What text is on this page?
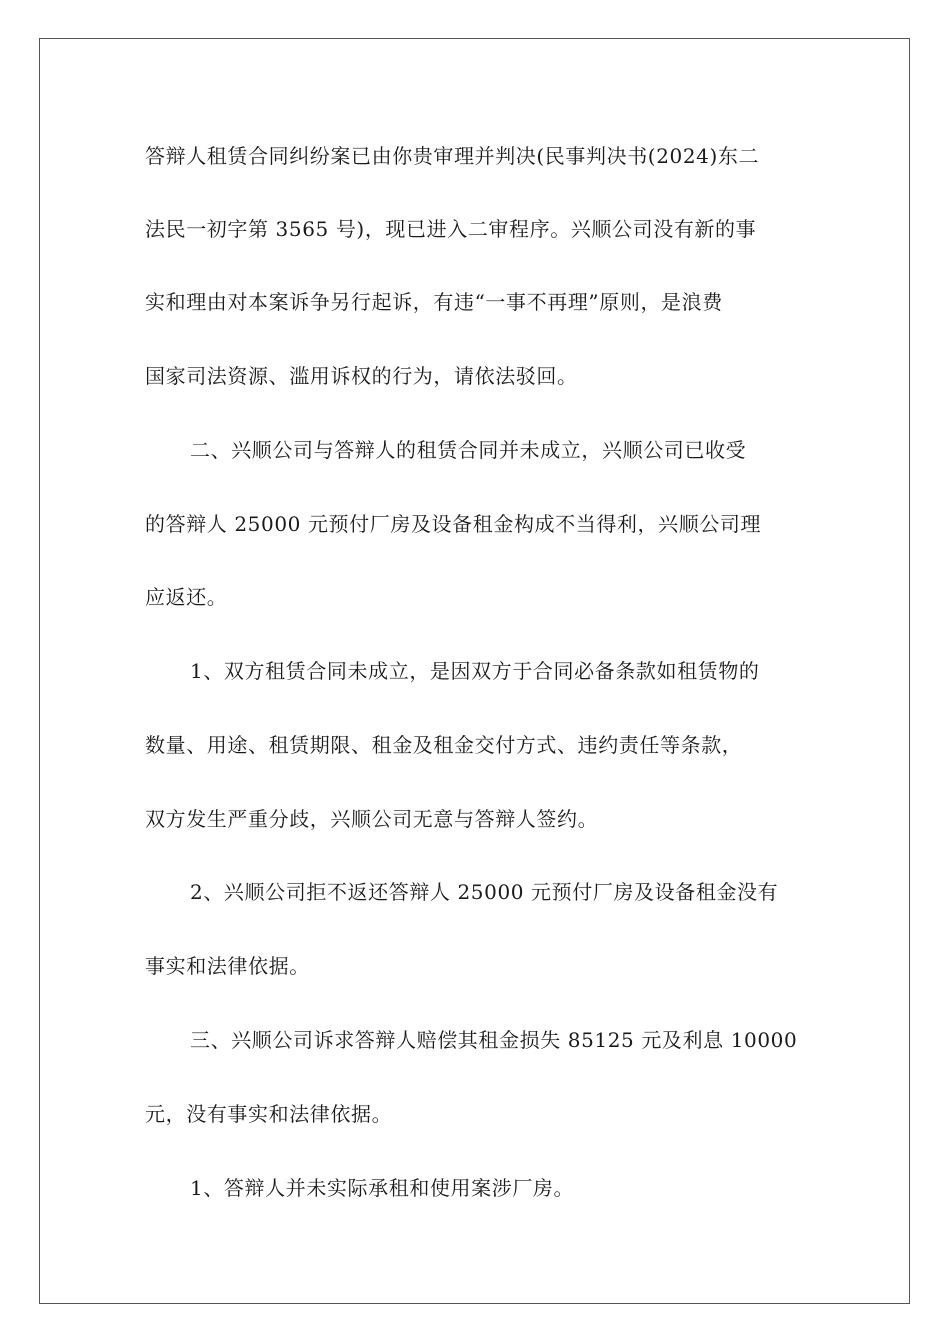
答辩人租赁合同纠纷案已由你贵审理并判决(民事判决书(2024)东二

法民一初字第 3565 号)，现已进入二审程序。兴顺公司没有新的事

实和理由对本案诉争另行起诉，有违“一事不再理”原则，是浪费

国家司法资源、滥用诉权的行为，请依法驳回。

二、兴顺公司与答辩人的租赁合同并未成立，兴顺公司已收受

的答辩人 25000 元预付厂房及设备租金构成不当得利，兴顺公司理

应返还。

1、双方租赁合同未成立，是因双方于合同必备条款如租赁物的

数量、用途、租赁期限、租金及租金交付方式、违约责任等条款，

双方发生严重分歧，兴顺公司无意与答辩人签约。

2、兴顺公司拒不返还答辩人 25000 元预付厂房及设备租金没有

事实和法律依据。

三、兴顺公司诉求答辩人赔偿其租金损失 85125 元及利息 10000

元，没有事实和法律依据。

1、答辩人并未实际承租和使用案涉厂房。
